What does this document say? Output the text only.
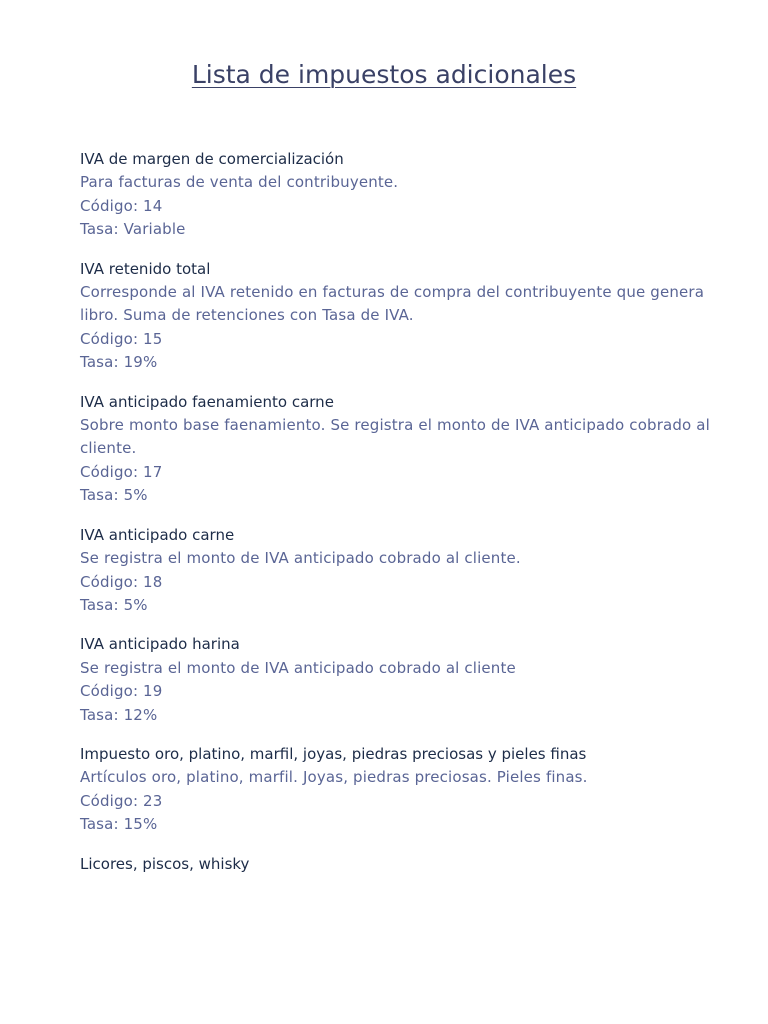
Lista de impuestos adicionales

IVA de margen de comercialización

Para facturas de venta del contribuyente.

Código: 14

Tasa: Variable

IVA retenido total

Corresponde al IVA retenido en facturas de compra del contribuyente que genera libro. Suma de retenciones con Tasa de IVA.

Código: 15

Tasa: 19%

IVA anticipado faenamiento carne

Sobre monto base faenamiento. Se registra el monto de IVA anticipado cobrado al cliente.

Código: 17

Tasa: 5%

IVA anticipado carne

Se registra el monto de IVA anticipado cobrado al cliente.

Código: 18

Tasa: 5%

IVA anticipado harina

Se registra el monto de IVA anticipado cobrado al cliente

Código: 19

Tasa: 12%

Impuesto oro, platino, marfil, joyas, piedras preciosas y pieles finas

Artículos oro, platino, marfil. Joyas, piedras preciosas. Pieles finas.

Código: 23

Tasa: 15%

Licores, piscos, whisky
